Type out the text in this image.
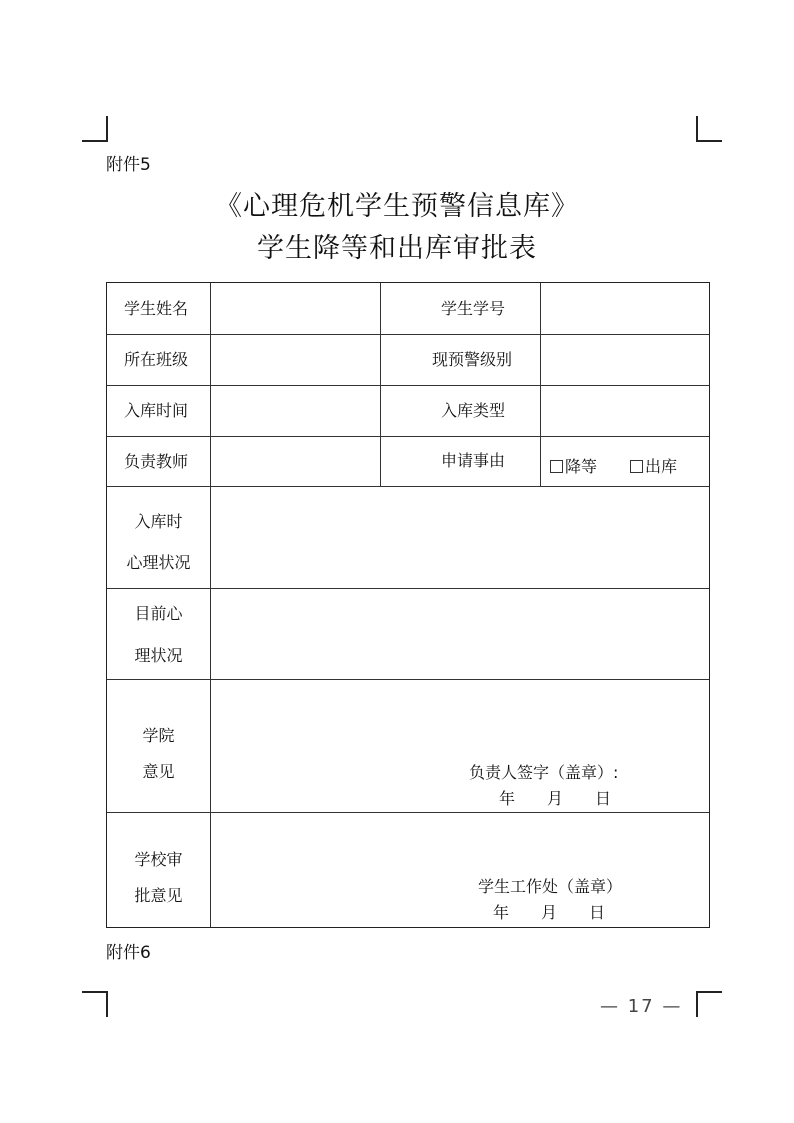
附件5
《心理危机学生预警信息库》
学生降等和出库审批表
学生姓名	学生学号
所在班级	现预警级别
入库时间	入库类型
负责教师	申请事由	降等	出库
入库时
心理状况
目前心
理状况
学院
意见	负责人签字（盖章）:
年　　月　　日
学校审
批意见	学生工作处（盖章）
年　　月　　日
附件6
— 17 —
